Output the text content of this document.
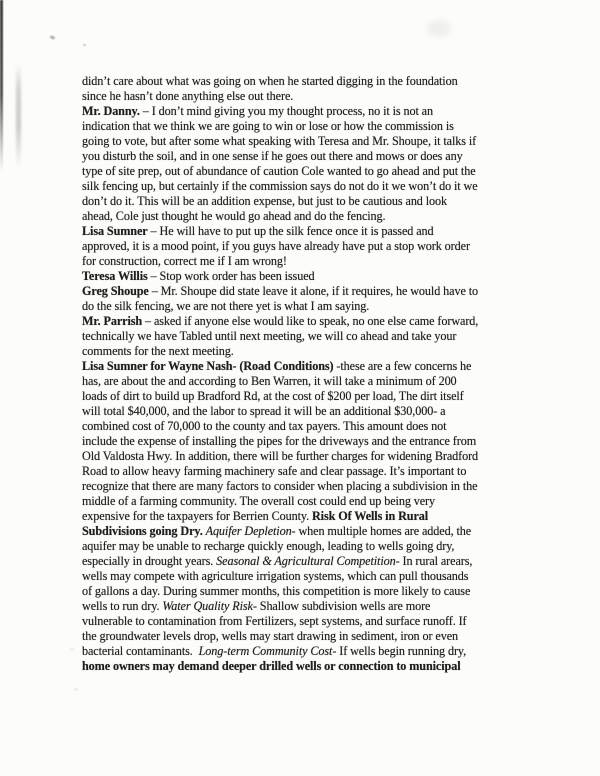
didn’t care about what was going on when he started digging in the foundation
since he hasn’t done anything else out there.
Mr. Danny. – I don’t mind giving you my thought process, no it is not an
indication that we think we are going to win or lose or how the commission is
going to vote, but after some what speaking with Teresa and Mr. Shoupe, it talks if
you disturb the soil, and in one sense if he goes out there and mows or does any
type of site prep, out of abundance of caution Cole wanted to go ahead and put the
silk fencing up, but certainly if the commission says do not do it we won’t do it we
don’t do it. This will be an addition expense, but just to be cautious and look
ahead, Cole just thought he would go ahead and do the fencing.
Lisa Sumner – He will have to put up the silk fence once it is passed and
approved, it is a mood point, if you guys have already have put a stop work order
for construction, correct me if I am wrong!
Teresa Willis – Stop work order has been issued
Greg Shoupe – Mr. Shoupe did state leave it alone, if it requires, he would have to
do the silk fencing, we are not there yet is what I am saying.
Mr. Parrish – asked if anyone else would like to speak, no one else came forward,
technically we have Tabled until next meeting, we will co ahead and take your
comments for the next meeting.
Lisa Sumner for Wayne Nash- (Road Conditions) -these are a few concerns he
has, are about the and according to Ben Warren, it will take a minimum of 200
loads of dirt to build up Bradford Rd, at the cost of $200 per load, The dirt itself
will total $40,000, and the labor to spread it will be an additional $30,000- a
combined cost of 70,000 to the county and tax payers. This amount does not
include the expense of installing the pipes for the driveways and the entrance from
Old Valdosta Hwy. In addition, there will be further charges for widening Bradford
Road to allow heavy farming machinery safe and clear passage. It’s important to
recognize that there are many factors to consider when placing a subdivision in the
middle of a farming community. The overall cost could end up being very
expensive for the taxpayers for Berrien County. Risk Of Wells in Rural
Subdivisions going Dry. Aquifer Depletion- when multiple homes are added, the
aquifer may be unable to recharge quickly enough, leading to wells going dry,
especially in drought years. Seasonal & Agricultural Competition- In rural arears,
wells may compete with agriculture irrigation systems, which can pull thousands
of gallons a day. During summer months, this competition is more likely to cause
wells to run dry. Water Quality Risk- Shallow subdivision wells are more
vulnerable to contamination from Fertilizers, sept systems, and surface runoff. If
the groundwater levels drop, wells may start drawing in sediment, iron or even
bacterial contaminants.  Long-term Community Cost- If wells begin running dry,
home owners may demand deeper drilled wells or connection to municipal
